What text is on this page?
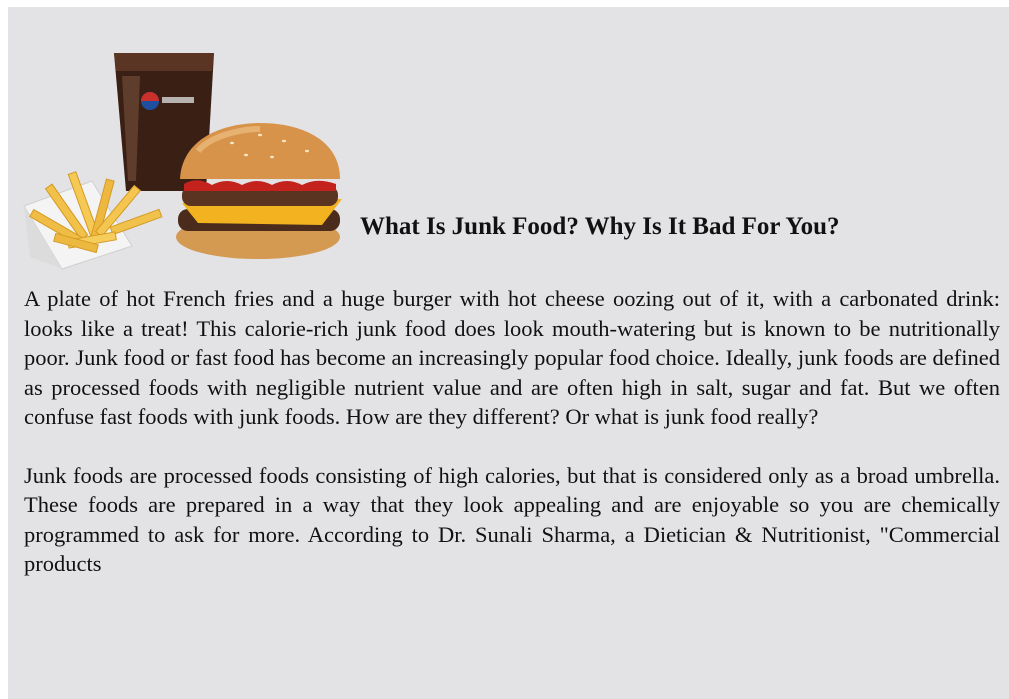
What Is Junk Food? Why Is It Bad For You?

A plate of hot French fries and a huge burger with hot cheese oozing out of it, with a carbonated drink: looks like a treat! This calorie-rich junk food does look mouth-watering but is known to be nutritionally poor. Junk food or fast food has become an increasingly popular food choice. Ideally, junk foods are defined as processed foods with negligible nutrient value and are often high in salt, sugar and fat. But we often confuse fast foods with junk foods. How are they different? Or what is junk food really?

Junk foods are processed foods consisting of high calories, but that is considered only as a broad umbrella. These foods are prepared in a way that they look appealing and are enjoyable so you are chemically programmed to ask for more. According to Dr. Sunali Sharma, a Dietician & Nutritionist, "Commercial products
